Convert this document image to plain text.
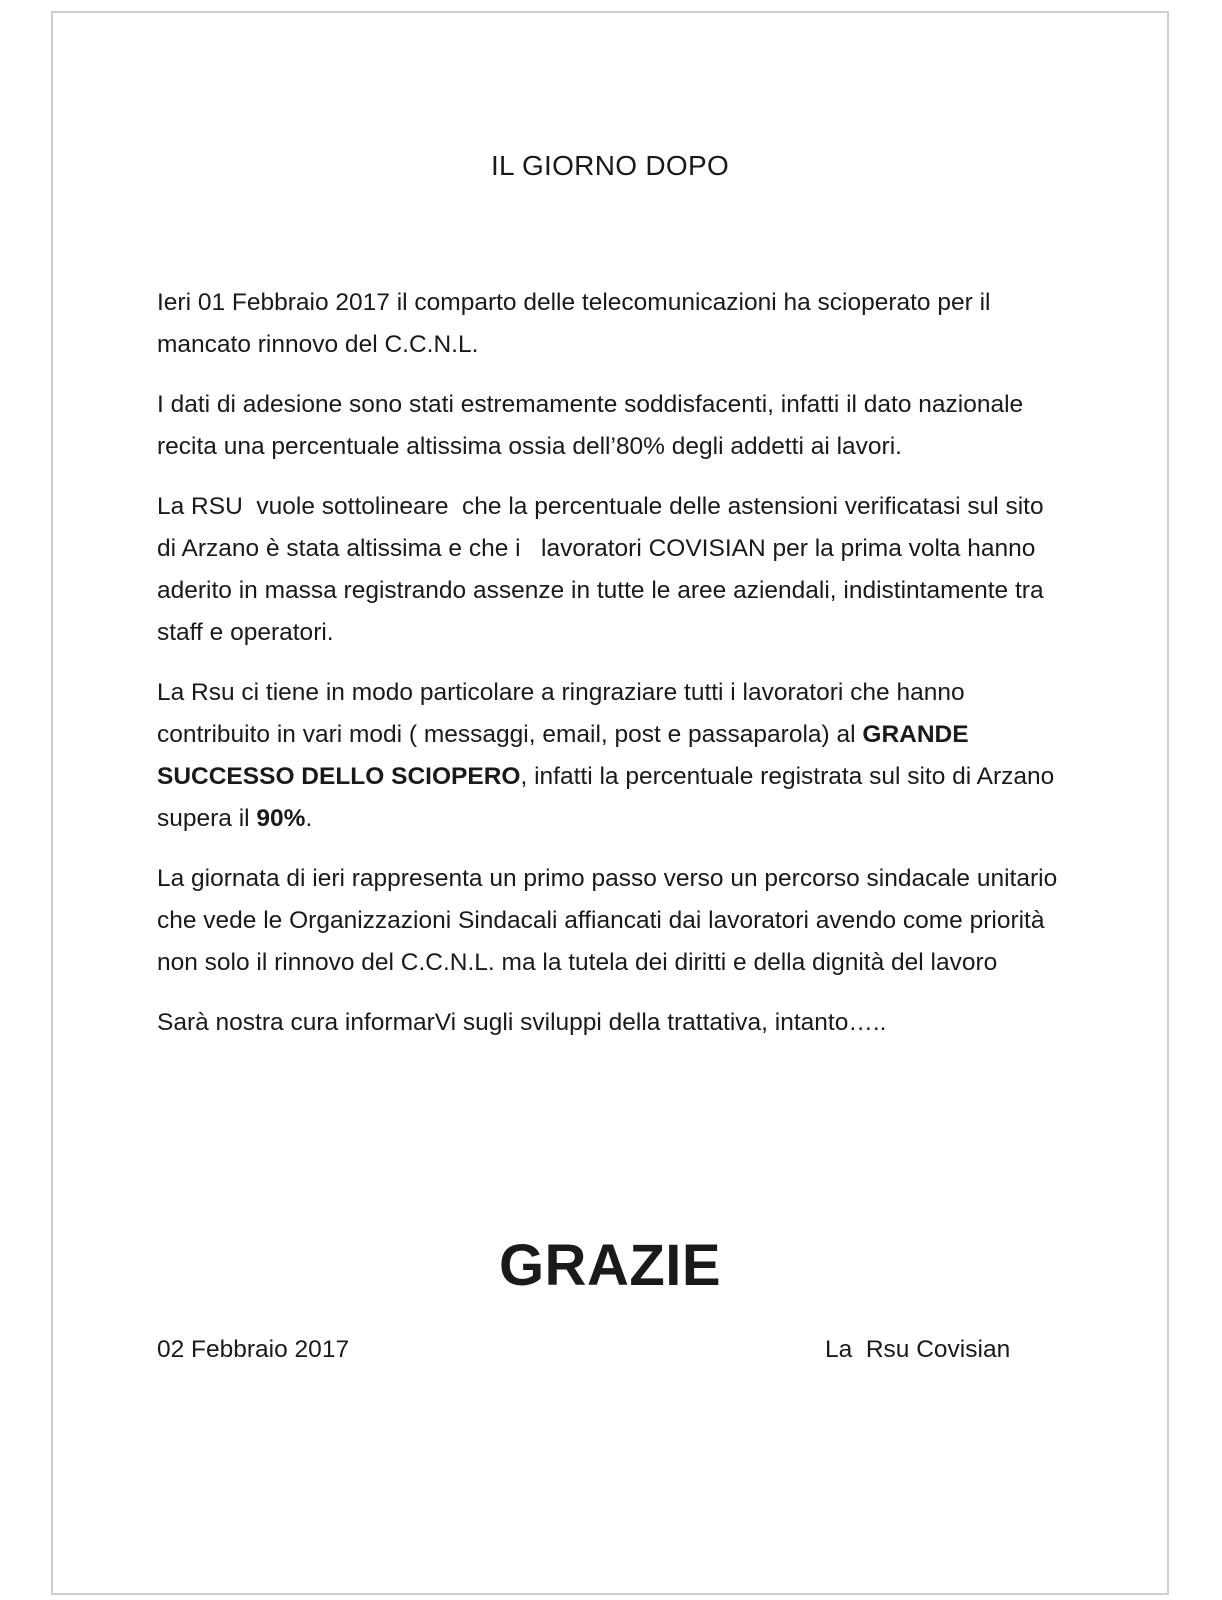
IL GIORNO DOPO

Ieri 01 Febbraio 2017 il comparto delle telecomunicazioni ha scioperato per il mancato rinnovo del C.C.N.L.

I dati di adesione sono stati estremamente soddisfacenti, infatti il dato nazionale recita una percentuale altissima ossia dell’80% degli addetti ai lavori.

La RSU  vuole sottolineare  che la percentuale delle astensioni verificatasi sul sito di Arzano è stata altissima e che i   lavoratori COVISIAN per la prima volta hanno aderito in massa registrando assenze in tutte le aree aziendali, indistintamente tra staff e operatori.

La Rsu ci tiene in modo particolare a ringraziare tutti i lavoratori che hanno contribuito in vari modi ( messaggi, email, post e passaparola) al GRANDE SUCCESSO DELLO SCIOPERO, infatti la percentuale registrata sul sito di Arzano supera il 90%.

La giornata di ieri rappresenta un primo passo verso un percorso sindacale unitario che vede le Organizzazioni Sindacali affiancati dai lavoratori avendo come priorità  non solo il rinnovo del C.C.N.L. ma la tutela dei diritti e della dignità del lavoro

Sarà nostra cura informarVi sugli sviluppi della trattativa, intanto…..

GRAZIE
02 Febbraio 2017	La  Rsu Covisian
